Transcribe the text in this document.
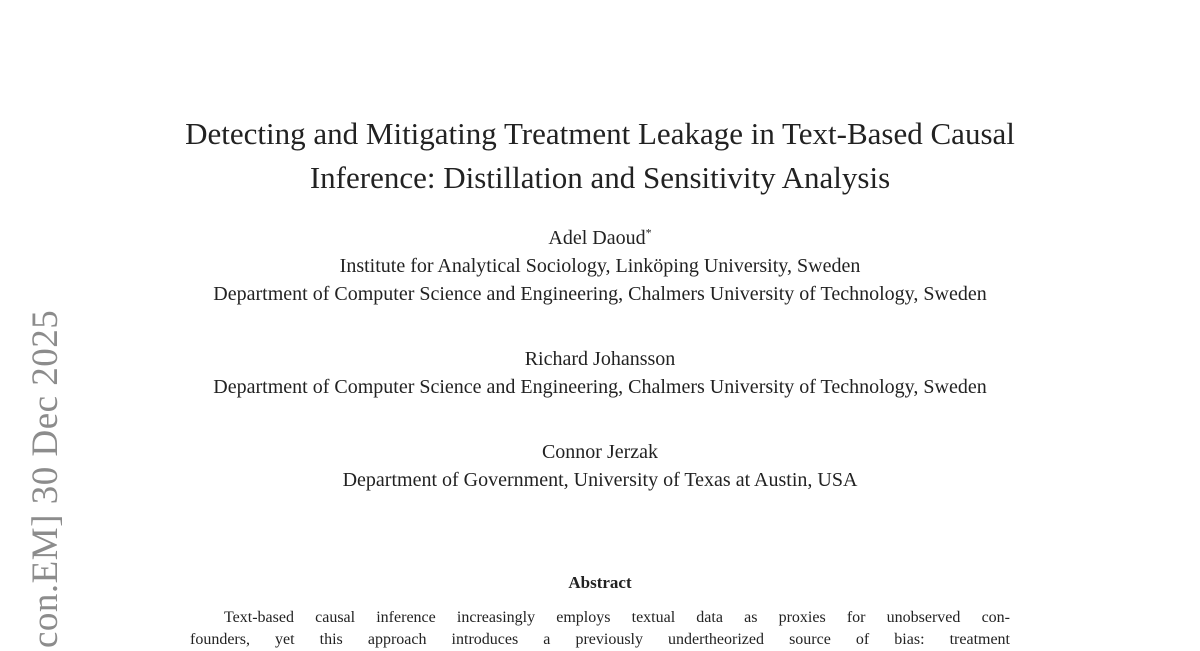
con.EM] 30 Dec 2025
Detecting and Mitigating Treatment Leakage in Text-Based Causal
Inference: Distillation and Sensitivity Analysis
Adel Daoud*
Institute for Analytical Sociology, Linköping University, Sweden
Department of Computer Science and Engineering, Chalmers University of Technology, Sweden
Richard Johansson
Department of Computer Science and Engineering, Chalmers University of Technology, Sweden
Connor Jerzak
Department of Government, University of Texas at Austin, USA
Abstract
Text-based causal inference increasingly employs textual data as proxies for unobserved con-
founders, yet this approach introduces a previously undertheorized source of bias: treatment
